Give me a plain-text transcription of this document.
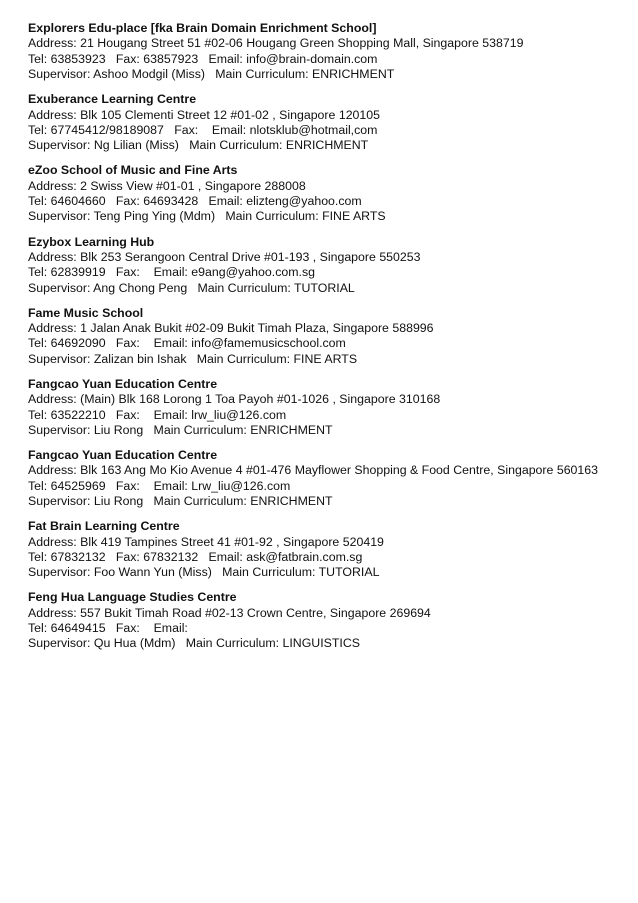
Explorers Edu-place [fka Brain Domain Enrichment School]
Address: 21 Hougang Street 51 #02-06 Hougang Green Shopping Mall, Singapore 538719
Tel: 63853923   Fax: 63857923   Email: info@brain-domain.com
Supervisor: Ashoo Modgil (Miss)   Main Curriculum: ENRICHMENT
Exuberance Learning Centre
Address: Blk 105 Clementi Street 12 #01-02 , Singapore 120105
Tel: 67745412/98189087   Fax:    Email: nlotsklub@hotmail,com
Supervisor: Ng Lilian (Miss)   Main Curriculum: ENRICHMENT
eZoo School of Music and Fine Arts
Address: 2 Swiss View #01-01 , Singapore 288008
Tel: 64604660   Fax: 64693428   Email: elizteng@yahoo.com
Supervisor: Teng Ping Ying (Mdm)   Main Curriculum: FINE ARTS
Ezybox Learning Hub
Address: Blk 253 Serangoon Central Drive #01-193 , Singapore 550253
Tel: 62839919   Fax:    Email: e9ang@yahoo.com.sg
Supervisor: Ang Chong Peng   Main Curriculum: TUTORIAL
Fame Music School
Address: 1 Jalan Anak Bukit #02-09 Bukit Timah Plaza, Singapore 588996
Tel: 64692090   Fax:    Email: info@famemusicschool.com
Supervisor: Zalizan bin Ishak   Main Curriculum: FINE ARTS
Fangcao Yuan Education Centre
Address: (Main) Blk 168 Lorong 1 Toa Payoh #01-1026 , Singapore 310168
Tel: 63522210   Fax:    Email: lrw_liu@126.com
Supervisor: Liu Rong   Main Curriculum: ENRICHMENT
Fangcao Yuan Education Centre
Address: Blk 163 Ang Mo Kio Avenue 4 #01-476 Mayflower Shopping & Food Centre, Singapore 560163
Tel: 64525969   Fax:    Email: Lrw_liu@126.com
Supervisor: Liu Rong   Main Curriculum: ENRICHMENT
Fat Brain Learning Centre
Address: Blk 419 Tampines Street 41 #01-92 , Singapore 520419
Tel: 67832132   Fax: 67832132   Email: ask@fatbrain.com.sg
Supervisor: Foo Wann Yun (Miss)   Main Curriculum: TUTORIAL
Feng Hua Language Studies Centre
Address: 557 Bukit Timah Road #02-13 Crown Centre, Singapore 269694
Tel: 64649415   Fax:    Email:
Supervisor: Qu Hua (Mdm)   Main Curriculum: LINGUISTICS
